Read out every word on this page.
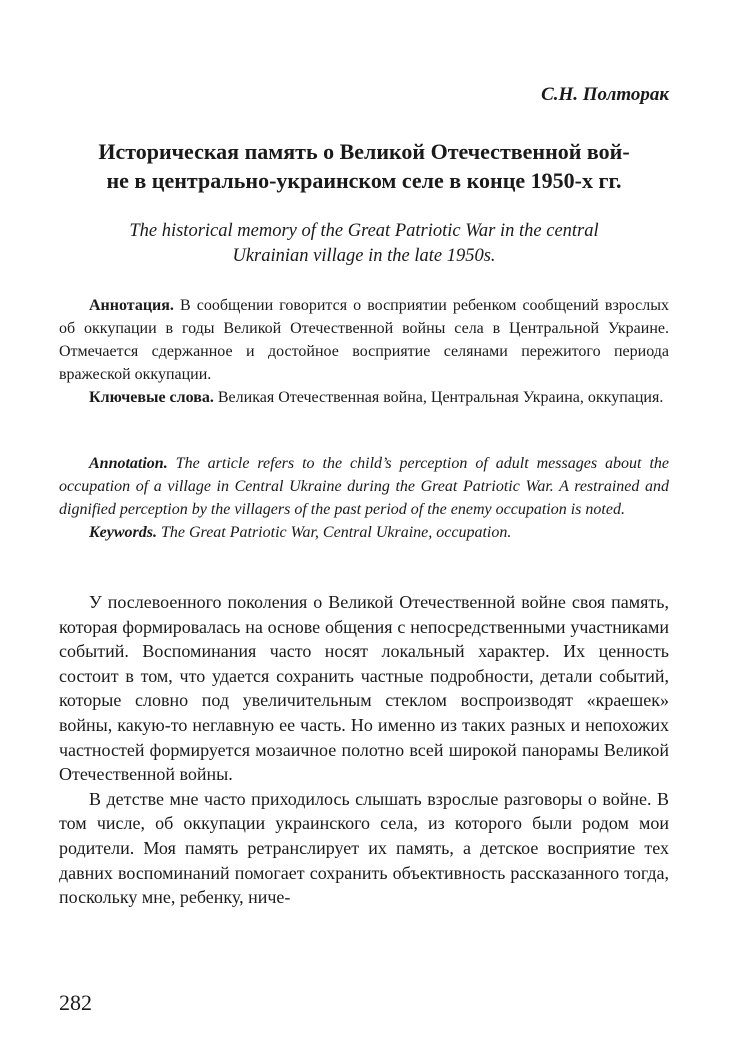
С.Н. Полторак
Историческая память о Великой Отечественной вой-
не в центрально-украинском селе в конце 1950-х гг.
The historical memory of the Great Patriotic War in the central
Ukrainian village in the late 1950s.

Аннотация. В сообщении говорится о восприятии ребенком сообщений взрослых об оккупации в годы Великой Отечественной войны села в Центральной Украине. Отмечается сдержанное и достойное восприятие селянами пережитого периода вражеской оккупации.

Ключевые слова. Великая Отечественная война, Центральная Украина, оккупация.

Annotation. The article refers to the child’s perception of adult messages about the occupation of a village in Central Ukraine during the Great Patriotic War. A restrained and dignified perception by the villagers of the past period of the enemy occupation is noted.

Keywords. The Great Patriotic War, Central Ukraine, occupation.

У послевоенного поколения о Великой Отечественной войне своя память, которая формировалась на основе общения с непосредственными участниками событий. Воспоминания часто носят локальный характер. Их ценность состоит в том, что удается сохранить частные подробности, детали событий, которые словно под увеличительным стеклом воспроизводят «краешек» войны, какую-то неглавную ее часть. Но именно из таких разных и непохожих частностей формируется мозаичное полотно всей широкой панорамы Великой Отечественной войны.

В детстве мне часто приходилось слышать взрослые разговоры о войне. В том числе, об оккупации украинского села, из которого были родом мои родители. Моя память ретранслирует их память, а детское восприятие тех давних воспоминаний помогает сохранить объективность рассказанного тогда, поскольку мне, ребенку, ниче-

282
